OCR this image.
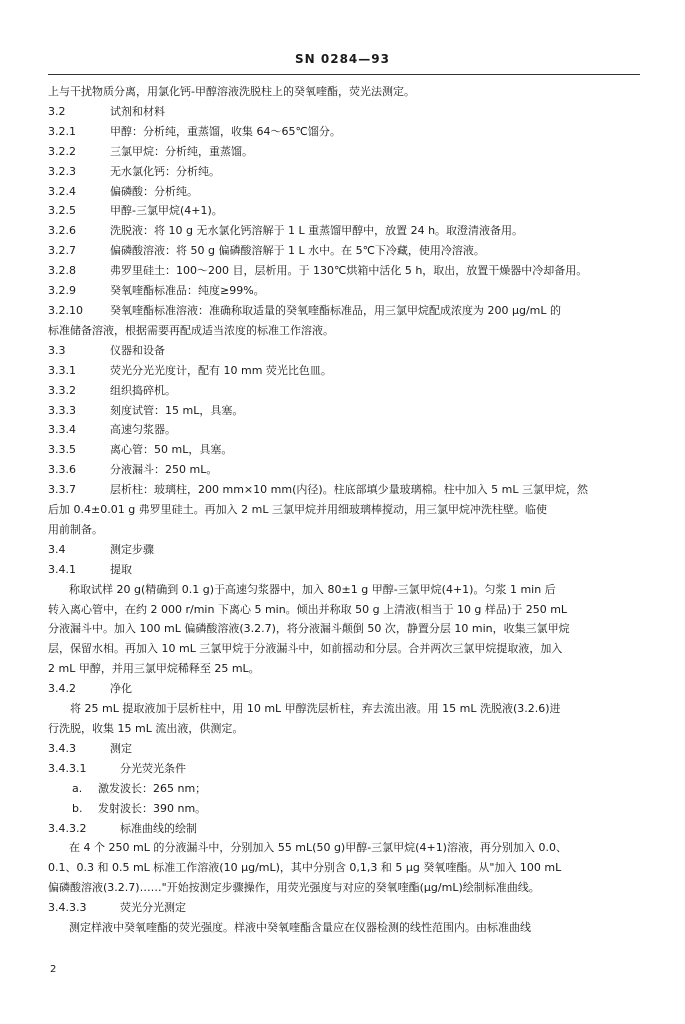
SN 0284—93
上与干扰物质分离，用氯化钙-甲醇溶液洗脱柱上的癸氧喹酯，荧光法测定。
3.2	试剂和材料
3.2.1	甲醇：分析纯，重蒸馏，收集 64～65℃馏分。
3.2.2	三氯甲烷：分析纯，重蒸馏。
3.2.3	无水氯化钙：分析纯。
3.2.4	偏磷酸：分析纯。
3.2.5	甲醇-三氯甲烷(4+1)。
3.2.6	洗脱液：将 10 g 无水氯化钙溶解于 1 L 重蒸馏甲醇中，放置 24 h。取澄清液备用。
3.2.7	偏磷酸溶液：将 50 g 偏磷酸溶解于 1 L 水中。在 5℃下冷藏，使用冷溶液。
3.2.8	弗罗里硅土：100～200 目，层析用。于 130℃烘箱中活化 5 h，取出，放置干燥器中冷却备用。
3.2.9	癸氧喹酯标准品：纯度≥99%。
3.2.10 癸氧喹酯标准溶液：准确称取适量的癸氧喹酯标准品，用三氯甲烷配成浓度为 200 μg/mL 的
标准储备溶液，根据需要再配成适当浓度的标准工作溶液。
3.3	仪器和设备
3.3.1	荧光分光光度计，配有 10 mm 荧光比色皿。
3.3.2	组织捣碎机。
3.3.3	刻度试管：15 mL，具塞。
3.3.4	高速匀浆器。
3.3.5	离心管：50 mL，具塞。
3.3.6	分液漏斗：250 mL。
3.3.7	层析柱：玻璃柱，200 mm×10 mm(内径)。柱底部填少量玻璃棉。柱中加入 5 mL 三氯甲烷，然
后加 0.4±0.01 g 弗罗里硅土。再加入 2 mL 三氯甲烷并用细玻璃棒搅动，用三氯甲烷冲洗柱壁。临使
用前制备。
3.4	测定步骤
3.4.1	提取
称取试样 20 g(精确到 0.1 g)于高速匀浆器中，加入 80±1 g 甲醇-三氯甲烷(4+1)。匀浆 1 min 后
转入离心管中，在约 2 000 r/min 下离心 5 min。倾出并称取 50 g 上清液(相当于 10 g 样品)于 250 mL
分液漏斗中。加入 100 mL 偏磷酸溶液(3.2.7)，将分液漏斗颠倒 50 次，静置分层 10 min，收集三氯甲烷
层，保留水相。再加入 10 mL 三氯甲烷于分液漏斗中，如前摇动和分层。合并两次三氯甲烷提取液，加入
2 mL 甲醇，并用三氯甲烷稀释至 25 mL。
3.4.2	净化
将 25 mL 提取液加于层析柱中，用 10 mL 甲醇洗层析柱，弃去流出液。用 15 mL 洗脱液(3.2.6)进
行洗脱，收集 15 mL 流出液，供测定。
3.4.3	测定
3.4.3.1	分光荧光条件
a. 激发波长：265 nm；
b. 发射波长：390 nm。
3.4.3.2	标准曲线的绘制
在 4 个 250 mL 的分液漏斗中，分别加入 55 mL(50 g)甲醇-三氯甲烷(4+1)溶液，再分别加入 0.0、
0.1、0.3 和 0.5 mL 标准工作溶液(10 μg/mL)，其中分别含 0,1,3 和 5 μg 癸氧喹酯。从"加入 100 mL
偏磷酸溶液(3.2.7)……"开始按测定步骤操作，用荧光强度与对应的癸氧喹酯(μg/mL)绘制标准曲线。
3.4.3.3	荧光分光测定
测定样液中癸氧喹酯的荧光强度。样液中癸氧喹酯含量应在仪器检测的线性范围内。由标准曲线
2
